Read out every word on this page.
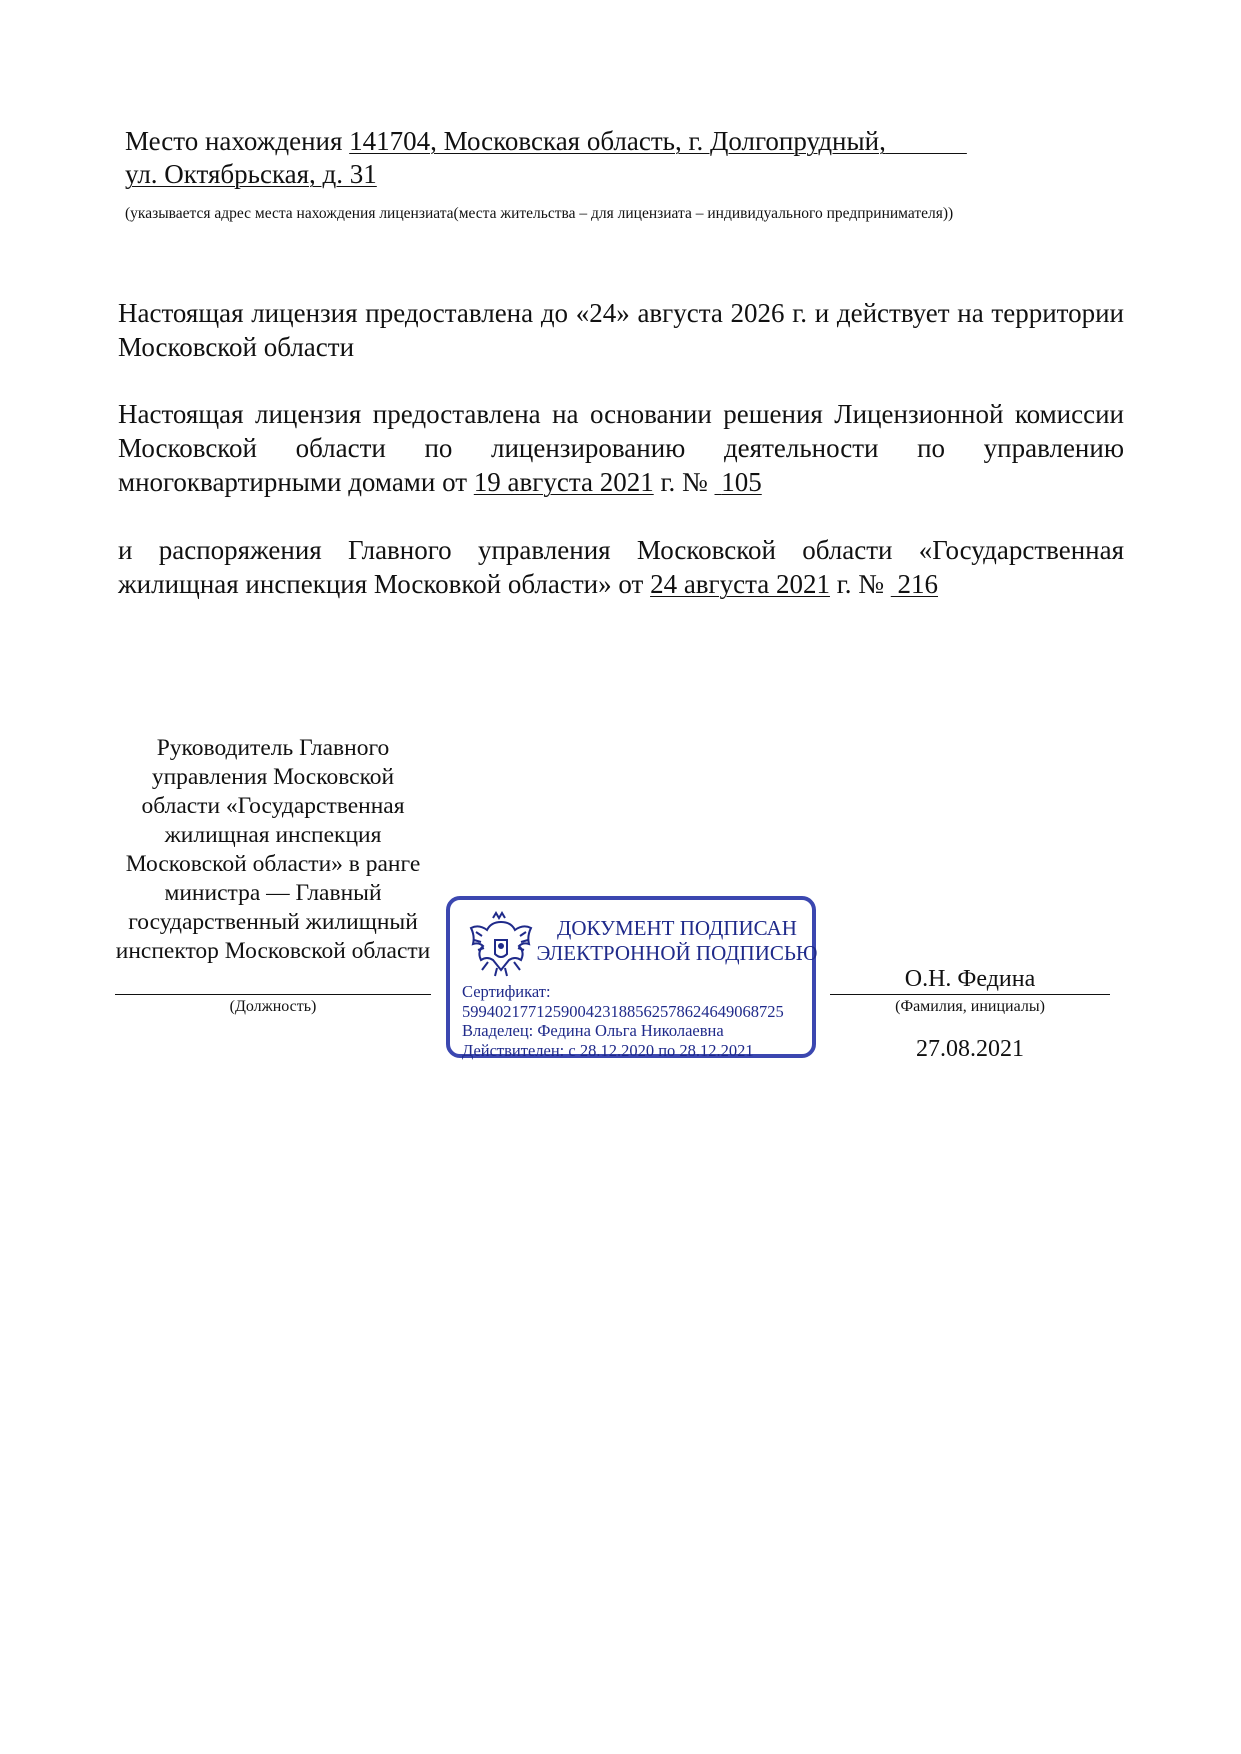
Место нахождения 141704, Московская область, г. Долгопрудный,
ул. Октябрьская, д. 31
(указывается адрес места нахождения лицензиата(места жительства – для лицензиата – индивидуального предпринимателя))

Настоящая лицензия предоставлена до «24» августа 2026 г. и действует на территории Московской области

Настоящая лицензия предоставлена на основании решения Лицензионной комиссии Московской области по лицензированию деятельности по управлению многоквартирными домами от 19 августа 2021 г. № 105

и распоряжения Главного управления Московской области «Государственная жилищная инспекция Московкой области» от 24 августа 2021 г. № 216

Руководитель Главного управления Московской области «Государственная жилищная инспекция Московской области» в ранге министра — Главный государственный жилищный инспектор Московской области
(Должность)
ДОКУМЕНТ ПОДПИСАН
ЭЛЕКТРОННОЙ ПОДПИСЬЮ
Сертификат:
599402177125900423188562578624649068725
Владелец: Федина Ольга Николаевна
Действителен: с 28.12.2020 по 28.12.2021
О.Н. Федина
(Фамилия, инициалы)
27.08.2021
